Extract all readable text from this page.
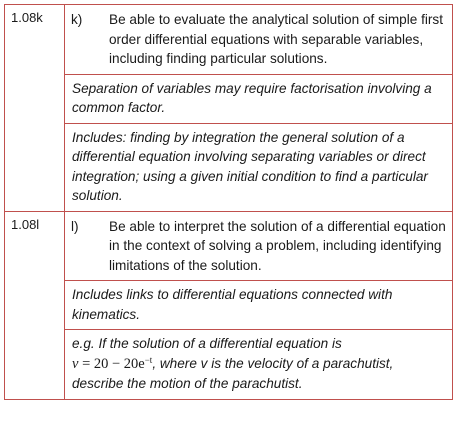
1.08k	k) Be able to evaluate the analytical solution of simple first order differential equations with separable variables, including finding particular solutions.
Separation of variables may require factorisation involving a common factor.
Includes: finding by integration the general solution of a differential equation involving separating variables or direct integration; using a given initial condition to find a particular solution.

1.08l	l) Be able to interpret the solution of a differential equation in the context of solving a problem, including identifying limitations of the solution.
Includes links to differential equations connected with kinematics.
e.g. If the solution of a differential equation is
$v = 20 - 20e^{-t}$, where v is the velocity of a parachutist, describe the motion of the parachutist.
